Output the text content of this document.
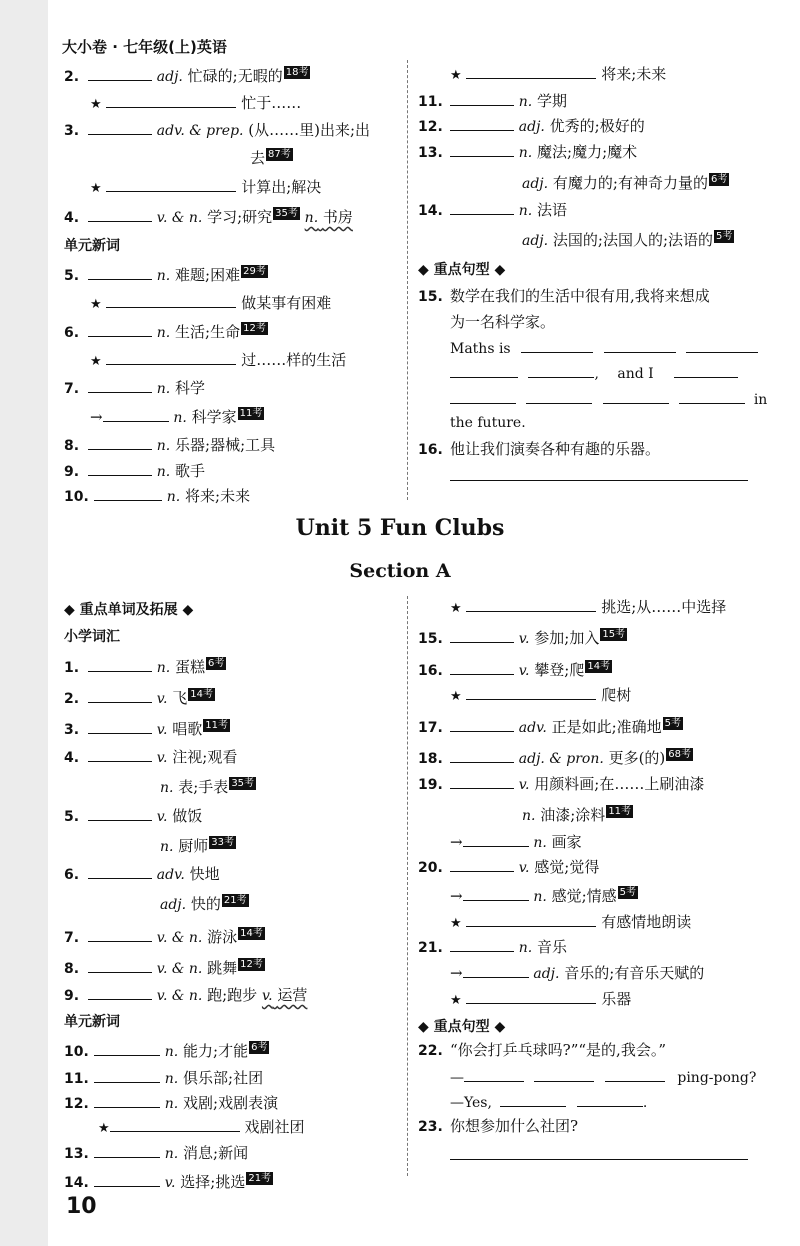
大小卷 · 七年级(上)英语
2.	adj. 忙碌的;无暇的 18考
★	忙于……
3.	adv. & prep. (从……里)出来;出
去 87考
★	计算出;解决
4.	v. & n. 学习;研究 35考 n. 书房
单元新词
5.	n. 难题;困难 29考
★	做某事有困难
6.	n. 生活;生命 12考
★	过……样的生活
7.	n. 科学
→	n. 科学家 11考
8.	n. 乐器;器械;工具
9.	n. 歌手
10.	n. 将来;未来
★	将来;未来
11.	n. 学期
12.	adj. 优秀的;极好的
13.	n. 魔法;魔力;魔术
adj. 有魔力的;有神奇力量的 6考
14.	n. 法语
adj. 法国的;法国人的;法语的 5考
◆ 重点句型 ◆
15. 数学在我们的生活中很有用,我将来想成
为一名科学家。
Maths is
, and I
in
the future.
16. 他让我们演奏各种有趣的乐器。
Unit 5 Fun Clubs
Section A
◆ 重点单词及拓展 ◆
小学词汇
1.	n. 蛋糕 6考
2.	v. 飞 14考
3.	v. 唱歌 11考
4.	v. 注视;观看
n. 表;手表 35考
5.	v. 做饭
n. 厨师 33考
6.	adv. 快地
adj. 快的 21考
7.	v. & n. 游泳 14考
8.	v. & n. 跳舞 12考
9.	v. & n. 跑;跑步 v. 运营
单元新词
10.	n. 能力;才能 6考
11.	n. 俱乐部;社团
12.	n. 戏剧;戏剧表演
★	戏剧社团
13.	n. 消息;新闻
14.	v. 选择;挑选 21考
★	挑选;从……中选择
15.	v. 参加;加入 15考
16.	v. 攀登;爬 14考
★	爬树
17.	adv. 正是如此;准确地 5考
18.	adj. & pron. 更多(的) 68考
19.	v. 用颜料画;在……上刷油漆
n. 油漆;涂料 11考
→	n. 画家
20.	v. 感觉;觉得
→	n. 感觉;情感 5考
★	有感情地朗读
21.	n. 音乐
→	adj. 音乐的;有音乐天赋的
★	乐器
◆ 重点句型 ◆
22. “你会打乒乓球吗?”“是的,我会。”
—	ping-pong?
—Yes,	.
23. 你想参加什么社团?
10
